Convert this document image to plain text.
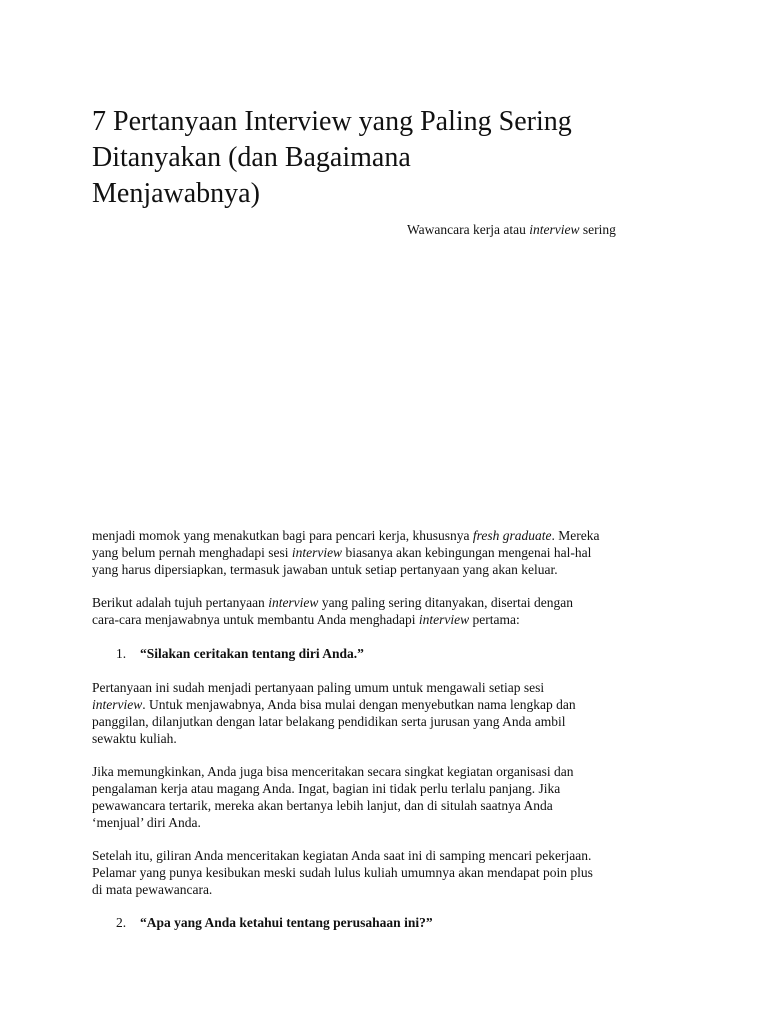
7 Pertanyaan Interview yang Paling Sering
Ditanyakan (dan Bagaimana
Menjawabnya)
Wawancara kerja atau interview sering

menjadi momok yang menakutkan bagi para pencari kerja, khususnya fresh graduate. Mereka
yang belum pernah menghadapi sesi interview biasanya akan kebingungan mengenai hal-hal
yang harus dipersiapkan, termasuk jawaban untuk setiap pertanyaan yang akan keluar.

Berikut adalah tujuh pertanyaan interview yang paling sering ditanyakan, disertai dengan
cara-cara menjawabnya untuk membantu Anda menghadapi interview pertama:

1. “Silakan ceritakan tentang diri Anda.”

Pertanyaan ini sudah menjadi pertanyaan paling umum untuk mengawali setiap sesi
interview. Untuk menjawabnya, Anda bisa mulai dengan menyebutkan nama lengkap dan
panggilan, dilanjutkan dengan latar belakang pendidikan serta jurusan yang Anda ambil
sewaktu kuliah.

Jika memungkinkan, Anda juga bisa menceritakan secara singkat kegiatan organisasi dan
pengalaman kerja atau magang Anda. Ingat, bagian ini tidak perlu terlalu panjang. Jika
pewawancara tertarik, mereka akan bertanya lebih lanjut, dan di situlah saatnya Anda
‘menjual’ diri Anda.

Setelah itu, giliran Anda menceritakan kegiatan Anda saat ini di samping mencari pekerjaan.
Pelamar yang punya kesibukan meski sudah lulus kuliah umumnya akan mendapat poin plus
di mata pewawancara.

2. “Apa yang Anda ketahui tentang perusahaan ini?”
